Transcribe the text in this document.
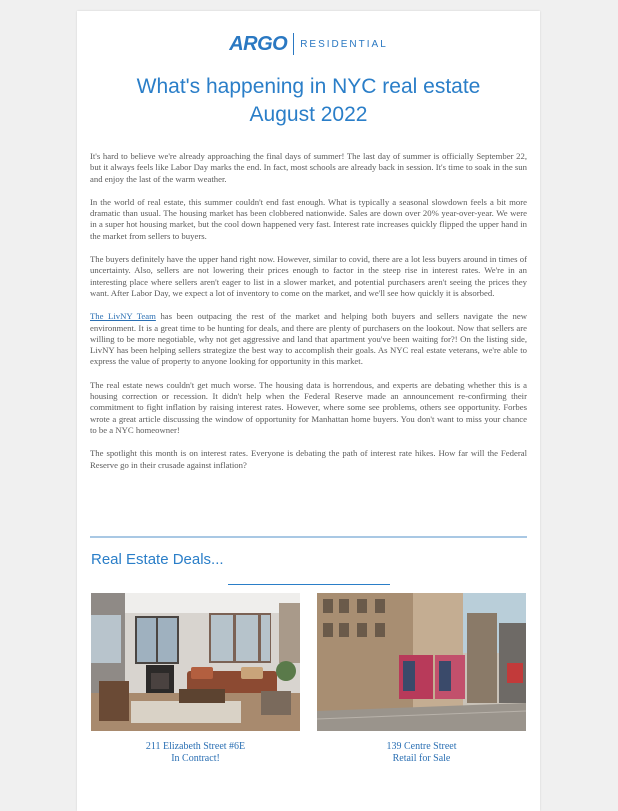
ARGO RESIDENTIAL
What's happening in NYC real estate
August 2022

It's hard to believe we're already approaching the final days of summer! The last day of summer is officially September 22, but it always feels like Labor Day marks the end. In fact, most schools are already back in session. It's time to soak in the sun and enjoy the last of the warm weather.

In the world of real estate, this summer couldn't end fast enough. What is typically a seasonal slowdown feels a bit more dramatic than usual. The housing market has been clobbered nationwide. Sales are down over 20% year-over-year. We were in a super hot housing market, but the cool down happened very fast. Interest rate increases quickly flipped the upper hand in the market from sellers to buyers.

The buyers definitely have the upper hand right now. However, similar to covid, there are a lot less buyers around in times of uncertainty. Also, sellers are not lowering their prices enough to factor in the steep rise in interest rates. We're in an interesting place where sellers aren't eager to list in a slower market, and potential purchasers aren't seeing the prices they want. After Labor Day, we expect a lot of inventory to come on the market, and we'll see how quickly it is absorbed.

The LivNY Team has been outpacing the rest of the market and helping both buyers and sellers navigate the new environment. It is a great time to be hunting for deals, and there are plenty of purchasers on the lookout. Now that sellers are willing to be more negotiable, why not get aggressive and land that apartment you've been waiting for?! On the listing side, LivNY has been helping sellers strategize the best way to accomplish their goals. As NYC real estate veterans, we're able to express the value of property to anyone looking for opportunity in this market.

The real estate news couldn't get much worse. The housing data is horrendous, and experts are debating whether this is a housing correction or recession. It didn't help when the Federal Reserve made an announcement re-confirming their commitment to fight inflation by raising interest rates. However, where some see problems, others see opportunity. Forbes wrote a great article discussing the window of opportunity for Manhattan home buyers. You don't want to miss your chance to be a NYC homeowner!

The spotlight this month is on interest rates. Everyone is debating the path of interest rate hikes. How far will the Federal Reserve go in their crusade against inflation?

Real Estate Deals...
211 Elizabeth Street #6E
In Contract!
139 Centre Street
Retail for Sale
